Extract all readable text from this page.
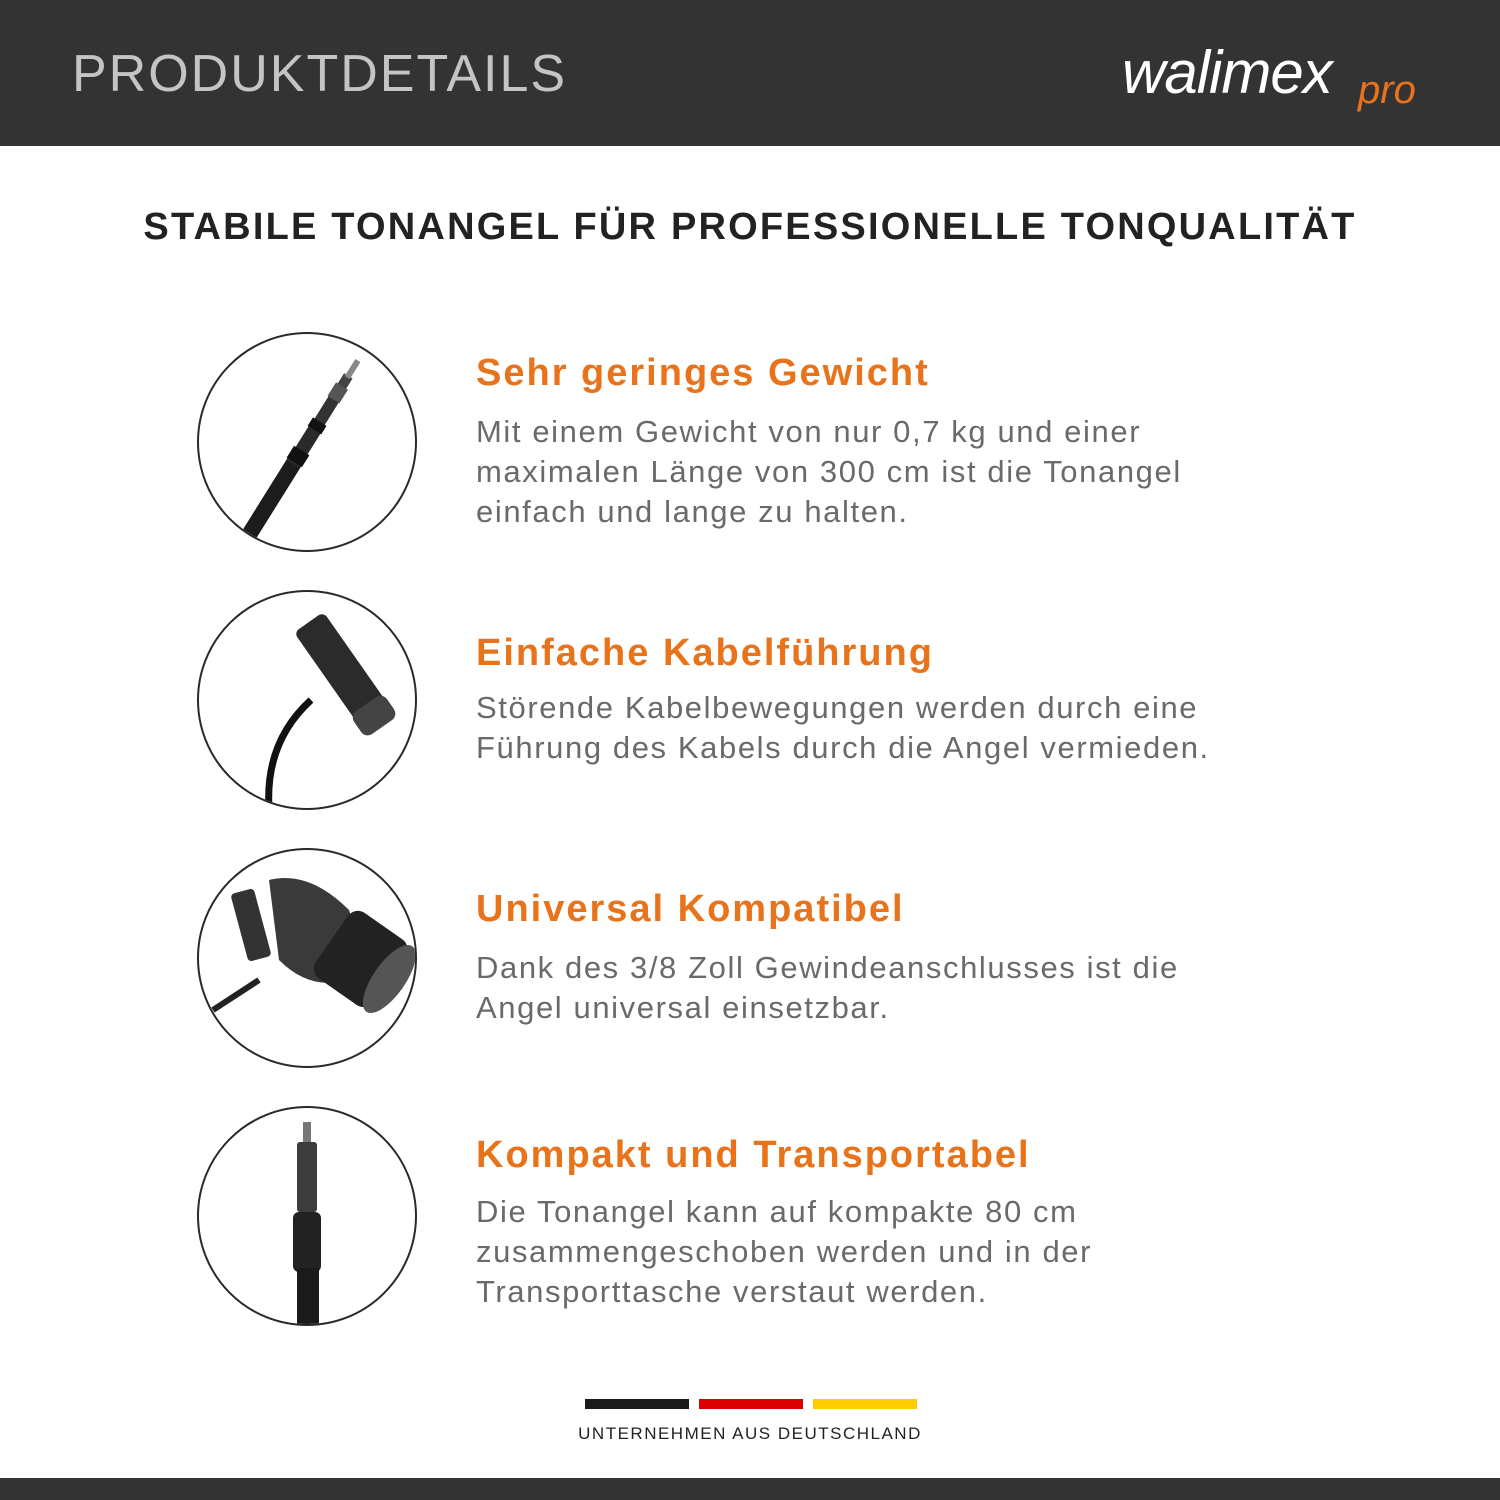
PRODUKTDETAILS	walimex pro
STABILE TONANGEL FÜR PROFESSIONELLE TONQUALITÄT
Sehr geringes Gewicht
Mit einem Gewicht von nur 0,7 kg und einer
maximalen Länge von 300 cm ist die Tonangel
einfach und lange zu halten.
Einfache Kabelführung
Störende Kabelbewegungen werden durch eine
Führung des Kabels durch die Angel vermieden.
Universal Kompatibel
Dank des 3/8 Zoll Gewindeanschlusses ist die
Angel universal einsetzbar.
Kompakt und Transportabel
Die Tonangel kann auf kompakte 80 cm
zusammengeschoben werden und in der
Transporttasche verstaut werden.
UNTERNEHMEN AUS DEUTSCHLAND
